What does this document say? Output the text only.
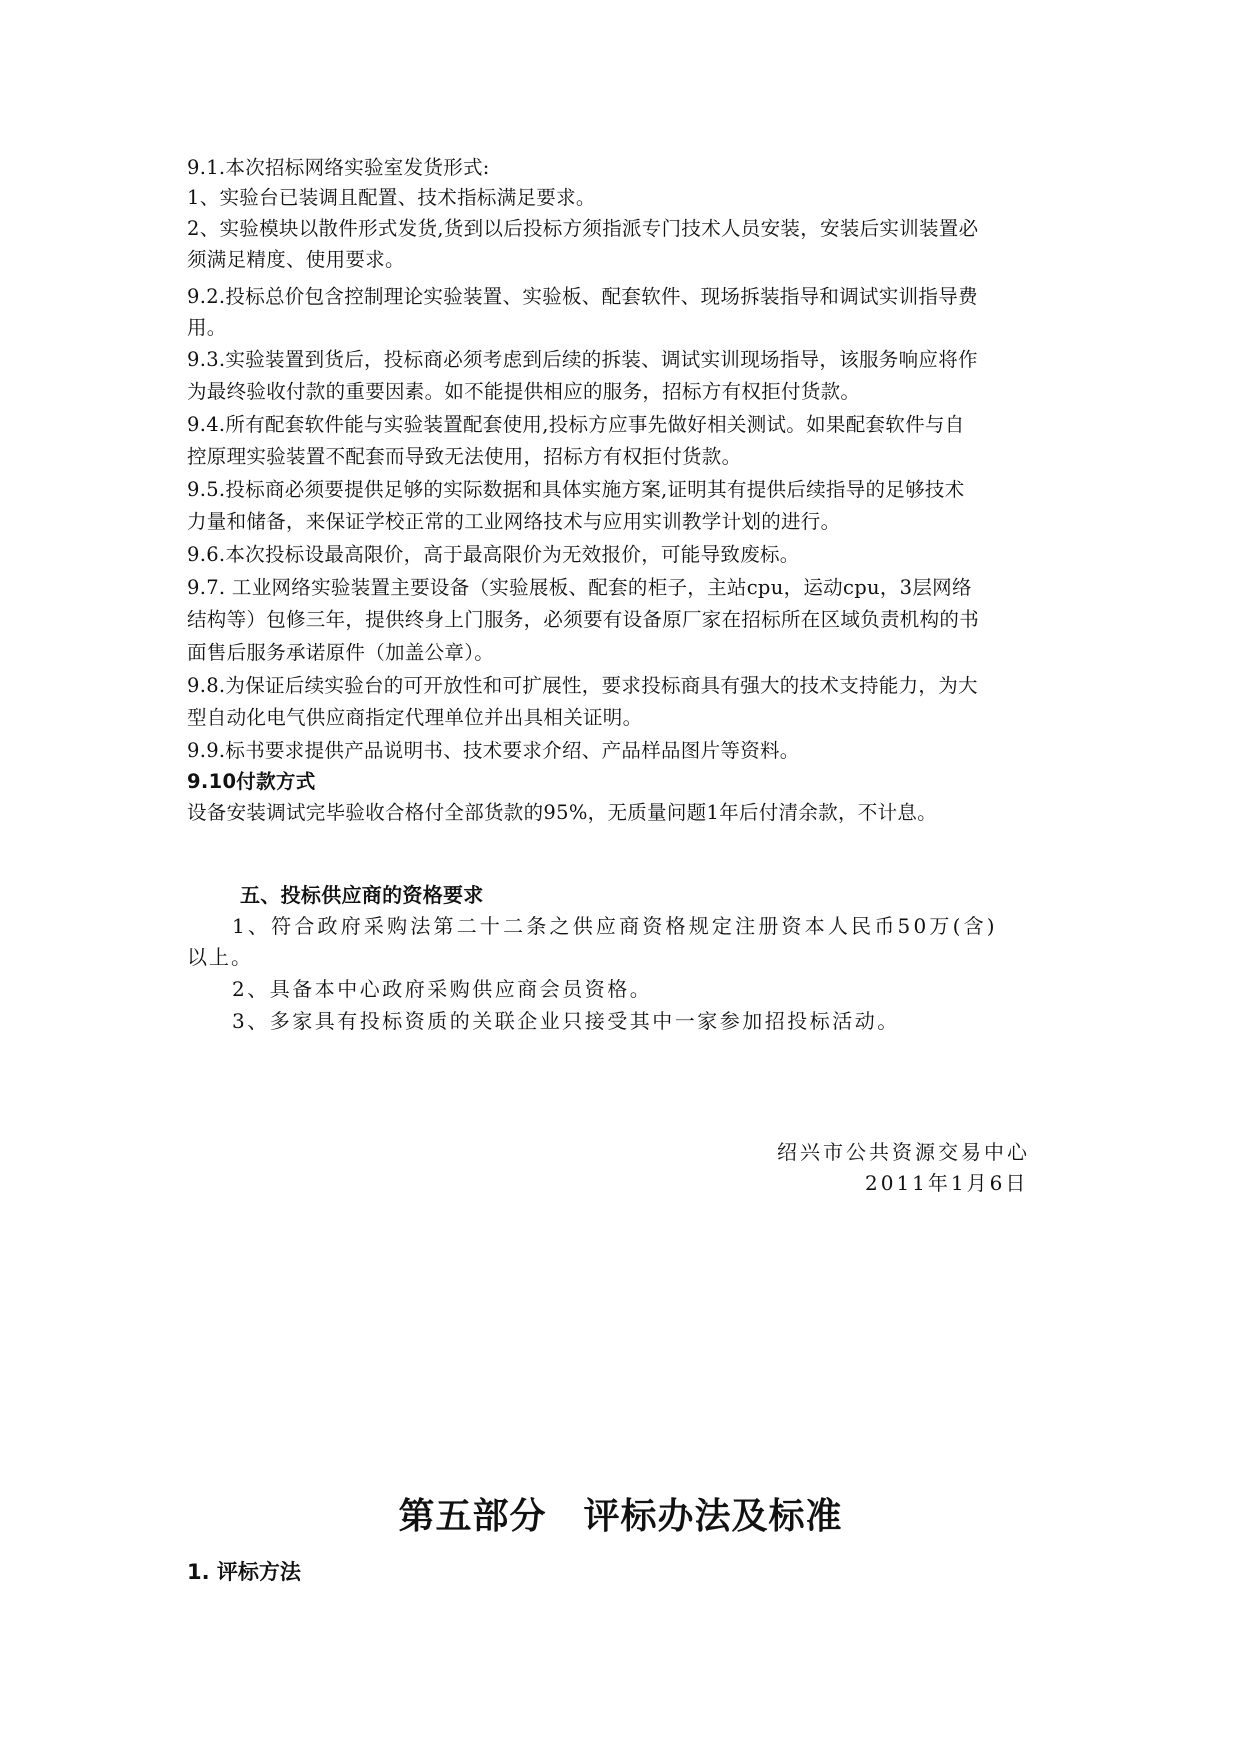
9.1.本次招标网络实验室发货形式:
1、实验台已装调且配置、技术指标满足要求。
2、实验模块以散件形式发货,货到以后投标方须指派专门技术人员安装，安装后实训装置必
须满足精度、使用要求。
9.2.投标总价包含控制理论实验装置、实验板、配套软件、现场拆装指导和调试实训指导费
用。
9.3.实验装置到货后，投标商必须考虑到后续的拆装、调试实训现场指导，该服务响应将作
为最终验收付款的重要因素。如不能提供相应的服务，招标方有权拒付货款。
9.4.所有配套软件能与实验装置配套使用,投标方应事先做好相关测试。如果配套软件与自
控原理实验装置不配套而导致无法使用，招标方有权拒付货款。
9.5.投标商必须要提供足够的实际数据和具体实施方案,证明其有提供后续指导的足够技术
力量和储备，来保证学校正常的工业网络技术与应用实训教学计划的进行。
9.6.本次投标设最高限价，高于最高限价为无效报价，可能导致废标。
9.7. 工业网络实验装置主要设备（实验展板、配套的柜子，主站cpu，运动cpu，3层网络
结构等）包修三年，提供终身上门服务，必须要有设备原厂家在招标所在区域负责机构的书
面售后服务承诺原件（加盖公章）。
9.8.为保证后续实验台的可开放性和可扩展性，要求投标商具有强大的技术支持能力，为大
型自动化电气供应商指定代理单位并出具相关证明。
9.9.标书要求提供产品说明书、技术要求介绍、产品样品图片等资料。
9.10付款方式
设备安装调试完毕验收合格付全部货款的95%，无质量问题1年后付清余款，不计息。
五、投标供应商的资格要求
1、符合政府采购法第二十二条之供应商资格规定注册资本人民币50万(含)
以上。
2、具备本中心政府采购供应商会员资格。
3、多家具有投标资质的关联企业只接受其中一家参加招投标活动。
绍兴市公共资源交易中心
2011年1月6日
第五部分　评标办法及标准
1. 评标方法
